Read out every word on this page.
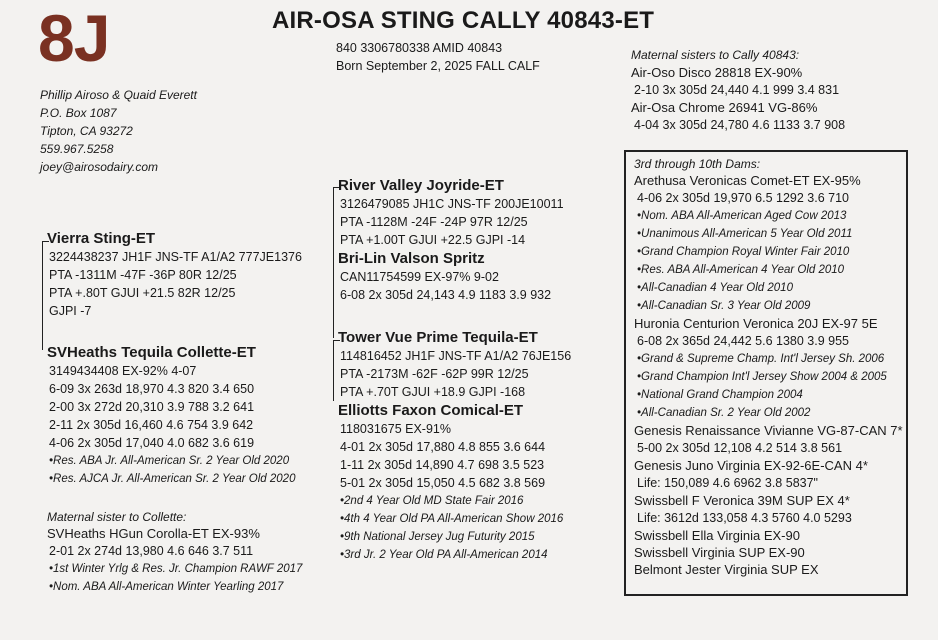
8J	AIR-OSA STING CALLY 40843-ET
840 3306780338 AMID 40843
Born September 2, 2025 FALL CALF
Phillip Airoso & Quaid Everett
P.O. Box 1087
Tipton, CA 93272
559.967.5258
joey@airosodairy.com
Maternal sisters to Cally 40843:
Air-Oso Disco 28818 EX-90%
2-10 3x 305d 24,440 4.1 999 3.4 831
Air-Osa Chrome 26941 VG-86%
4-04 3x 305d 24,780 4.6 1133 3.7 908
River Valley Joyride-ET
3126479085 JH1C JNS-TF 200JE10011
PTA -1128M -24F -24P 97R 12/25
PTA +1.00T GJUI +22.5 GJPI -14
Bri-Lin Valson Spritz
CAN11754599 EX-97% 9-02
6-08 2x 305d 24,143 4.9 1183 3.9 932
Vierra Sting-ET
3224438237 JH1F JNS-TF A1/A2 777JE1376
PTA -1311M -47F -36P 80R 12/25
PTA +.80T GJUI +21.5 82R 12/25
GJPI -7
SVHeaths Tequila Collette-ET
3149434408 EX-92% 4-07
6-09 3x 263d 18,970 4.3 820 3.4 650
2-00 3x 272d 20,310 3.9 788 3.2 641
2-11 2x 305d 16,460 4.6 754 3.9 642
4-06 2x 305d 17,040 4.0 682 3.6 619
•Res. ABA Jr. All-American Sr. 2 Year Old 2020
•Res. AJCA Jr. All-American Sr. 2 Year Old 2020
Maternal sister to Collette:
SVHeaths HGun Corolla-ET EX-93%
2-01 2x 274d 13,980 4.6 646 3.7 511
•1st Winter Yrlg & Res. Jr. Champion RAWF 2017
•Nom. ABA All-American Winter Yearling 2017
Tower Vue Prime Tequila-ET
114816452 JH1F JNS-TF A1/A2 76JE156
PTA -2173M -62F -62P 99R 12/25
PTA +.70T GJUI +18.9 GJPI -168
Elliotts Faxon Comical-ET
118031675 EX-91%
4-01 2x 305d 17,880 4.8 855 3.6 644
1-11 2x 305d 14,890 4.7 698 3.5 523
5-01 2x 305d 15,050 4.5 682 3.8 569
•2nd 4 Year Old MD State Fair 2016
•4th 4 Year Old PA All-American Show 2016
•9th National Jersey Jug Futurity 2015
•3rd Jr. 2 Year Old PA All-American 2014
3rd through 10th Dams:
Arethusa Veronicas Comet-ET EX-95%
4-06 2x 305d 19,970 6.5 1292 3.6 710
•Nom. ABA All-American Aged Cow 2013
•Unanimous All-American 5 Year Old 2011
•Grand Champion Royal Winter Fair 2010
•Res. ABA All-American 4 Year Old 2010
•All-Canadian 4 Year Old 2010
•All-Canadian Sr. 3 Year Old 2009
Huronia Centurion Veronica 20J EX-97 5E
6-08 2x 365d 24,442 5.6 1380 3.9 955
•Grand & Supreme Champ. Int'l Jersey Sh. 2006
•Grand Champion Int'l Jersey Show 2004 & 2005
•National Grand Champion 2004
•All-Canadian Sr. 2 Year Old 2002
Genesis Renaissance Vivianne VG-87-CAN 7*
5-00 2x 305d 12,108 4.2 514 3.8 561
Genesis Juno Virginia EX-92-6E-CAN 4*
Life: 150,089 4.6 6962 3.8 5837"
Swissbell F Veronica 39M SUP EX 4*
Life: 3612d 133,058 4.3 5760 4.0 5293
Swissbell Ella Virginia EX-90
Swissbell Virginia SUP EX-90
Belmont Jester Virginia SUP EX
